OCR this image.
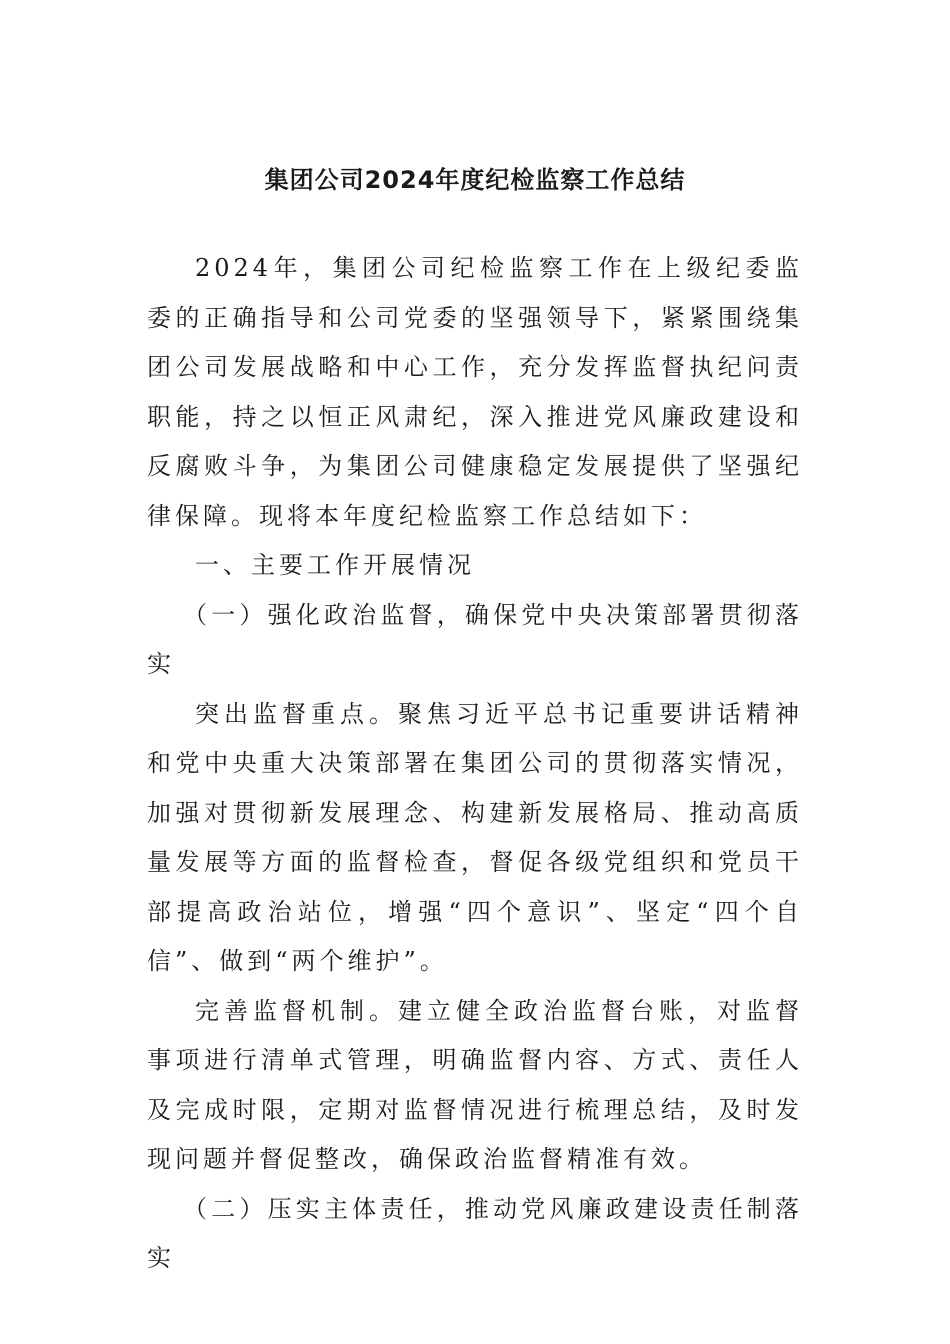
集团公司2024年度纪检监察工作总结

2024年，集团公司纪检监察工作在上级纪委监委的正确指导和公司党委的坚强领导下，紧紧围绕集团公司发展战略和中心工作，充分发挥监督执纪问责职能，持之以恒正风肃纪，深入推进党风廉政建设和反腐败斗争，为集团公司健康稳定发展提供了坚强纪律保障。现将本年度纪检监察工作总结如下：

一、主要工作开展情况

（一）强化政治监督，确保党中央决策部署贯彻落实

突出监督重点。聚焦习近平总书记重要讲话精神和党中央重大决策部署在集团公司的贯彻落实情况，加强对贯彻新发展理念、构建新发展格局、推动高质量发展等方面的监督检查，督促各级党组织和党员干部提高政治站位，增强“四个意识”、坚定“四个自信”、做到“两个维护”。

完善监督机制。建立健全政治监督台账，对监督事项进行清单式管理，明确监督内容、方式、责任人及完成时限，定期对监督情况进行梳理总结，及时发现问题并督促整改，确保政治监督精准有效。

（二）压实主体责任，推动党风廉政建设责任制落实
